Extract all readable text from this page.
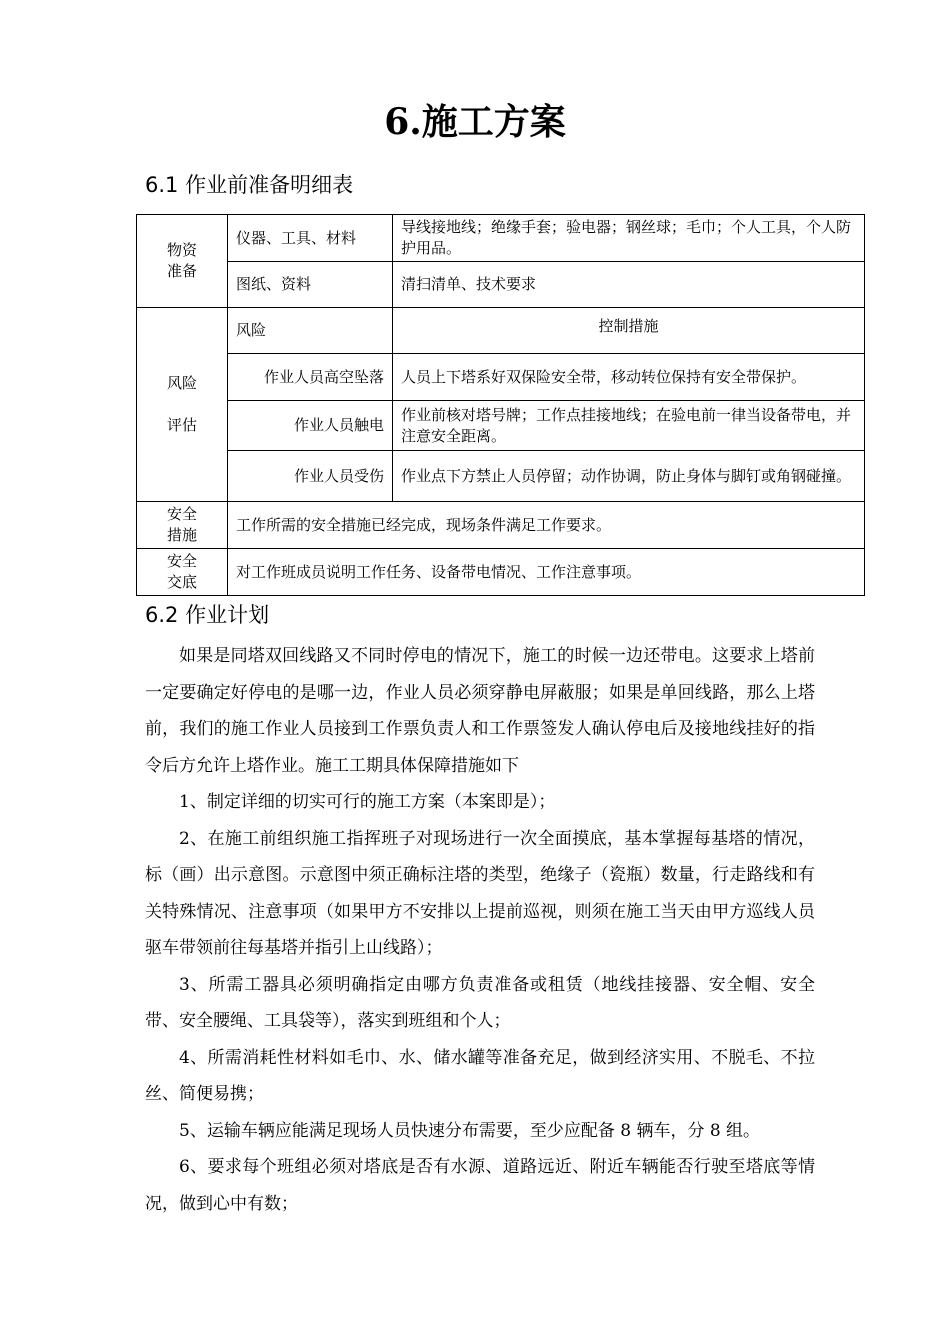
6.施工方案
6.1 作业前准备明细表
物资
准备	仪器、工具、材料	导线接地线；绝缘手套；验电器；钢丝球；毛巾；个人工具，个人防护用品。
	图纸、资料	清扫清单、技术要求
风险

评估	风险	控制措施
	作业人员高空坠落	人员上下塔系好双保险安全带，移动转位保持有安全带保护。
	作业人员触电	作业前核对塔号牌；工作点挂接地线；在验电前一律当设备带电，并注意安全距离。
	作业人员受伤	作业点下方禁止人员停留；动作协调，防止身体与脚钉或角钢碰撞。
安全
措施	工作所需的安全措施已经完成，现场条件满足工作要求。	
安全
交底	对工作班成员说明工作任务、设备带电情况、工作注意事项。	
6.2 作业计划

如果是同塔双回线路又不同时停电的情况下，施工的时候一边还带电。这要求上塔前一定要确定好停电的是哪一边，作业人员必须穿静电屏蔽服；如果是单回线路，那么上塔前，我们的施工作业人员接到工作票负责人和工作票签发人确认停电后及接地线挂好的指令后方允许上塔作业。施工工期具体保障措施如下

1、制定详细的切实可行的施工方案（本案即是）；

2、在施工前组织施工指挥班子对现场进行一次全面摸底，基本掌握每基塔的情况，标（画）出示意图。示意图中须正确标注塔的类型，绝缘子（瓷瓶）数量，行走路线和有关特殊情况、注意事项（如果甲方不安排以上提前巡视，则须在施工当天由甲方巡线人员驱车带领前往每基塔并指引上山线路）；

3、所需工器具必须明确指定由哪方负责准备或租赁（地线挂接器、安全帽、安全带、安全腰绳、工具袋等），落实到班组和个人；

4、所需消耗性材料如毛巾、水、储水罐等准备充足，做到经济实用、不脱毛、不拉丝、简便易携；

5、运输车辆应能满足现场人员快速分布需要，至少应配备 8 辆车，分 8 组。

6、要求每个班组必须对塔底是否有水源、道路远近、附近车辆能否行驶至塔底等情况，做到心中有数；
